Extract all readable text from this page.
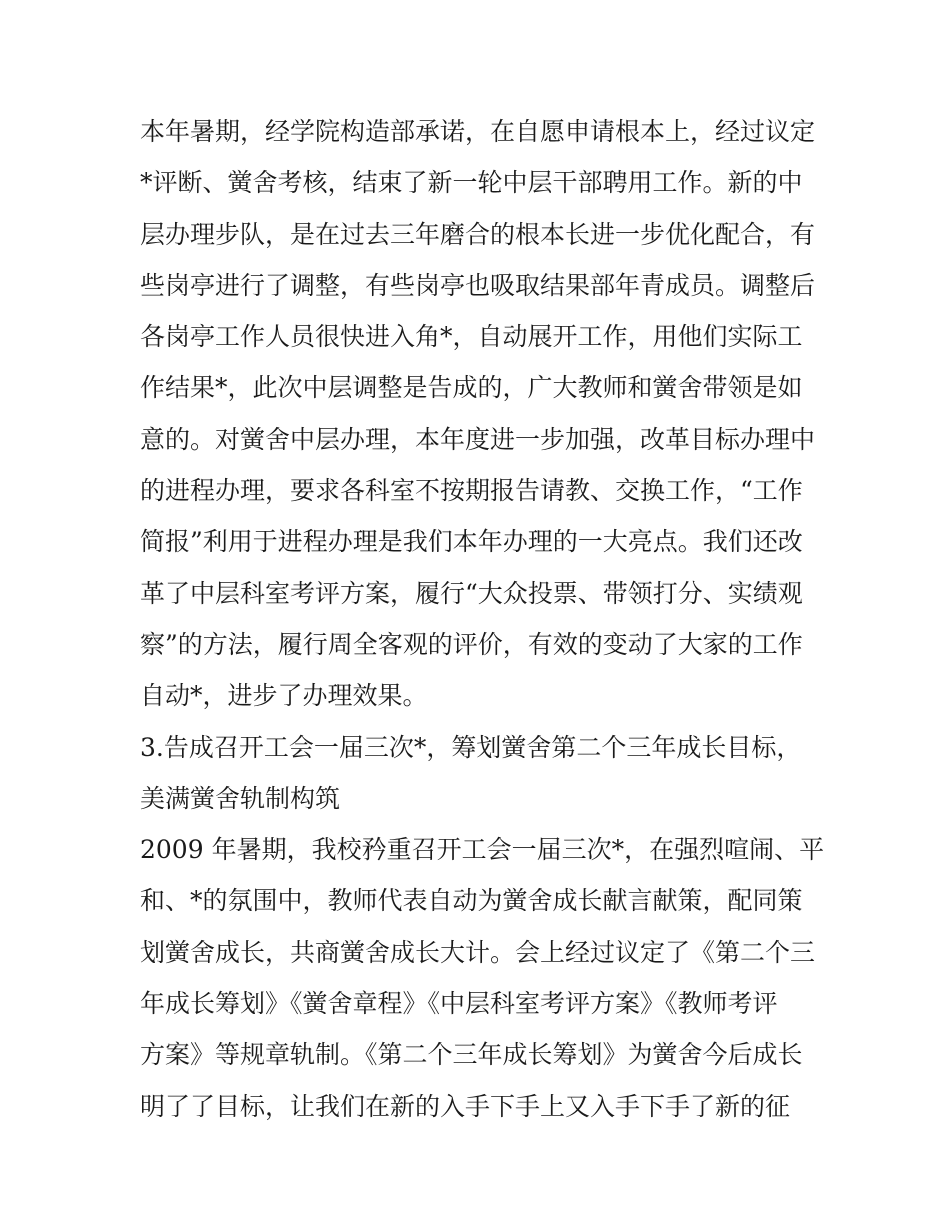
本年暑期，经学院构造部承诺，在自愿申请根本上，经过议定
*评断、黉舍考核，结束了新一轮中层干部聘用工作。新的中
层办理步队，是在过去三年磨合的根本长进一步优化配合，有
些岗亭进行了调整，有些岗亭也吸取结果部年青成员。调整后
各岗亭工作人员很快进入角*，自动展开工作，用他们实际工
作结果*，此次中层调整是告成的，广大教师和黉舍带领是如
意的。对黉舍中层办理，本年度进一步加强，改革目标办理中
的进程办理，要求各科室不按期报告请教、交换工作，“工作
简报”利用于进程办理是我们本年办理的一大亮点。我们还改
革了中层科室考评方案，履行“大众投票、带领打分、实绩观
察”的方法，履行周全客观的评价，有效的变动了大家的工作
自动*，进步了办理效果。
3.告成召开工会一届三次*，筹划黉舍第二个三年成长目标，
美满黉舍轨制构筑
2009 年暑期，我校矜重召开工会一届三次*，在强烈喧闹、平
和、*的氛围中，教师代表自动为黉舍成长献言献策，配同策
划黉舍成长，共商黉舍成长大计。会上经过议定了《第二个三
年成长筹划》《黉舍章程》《中层科室考评方案》《教师考评
方案》等规章轨制。《第二个三年成长筹划》为黉舍今后成长
明了了目标，让我们在新的入手下手上又入手下手了新的征
